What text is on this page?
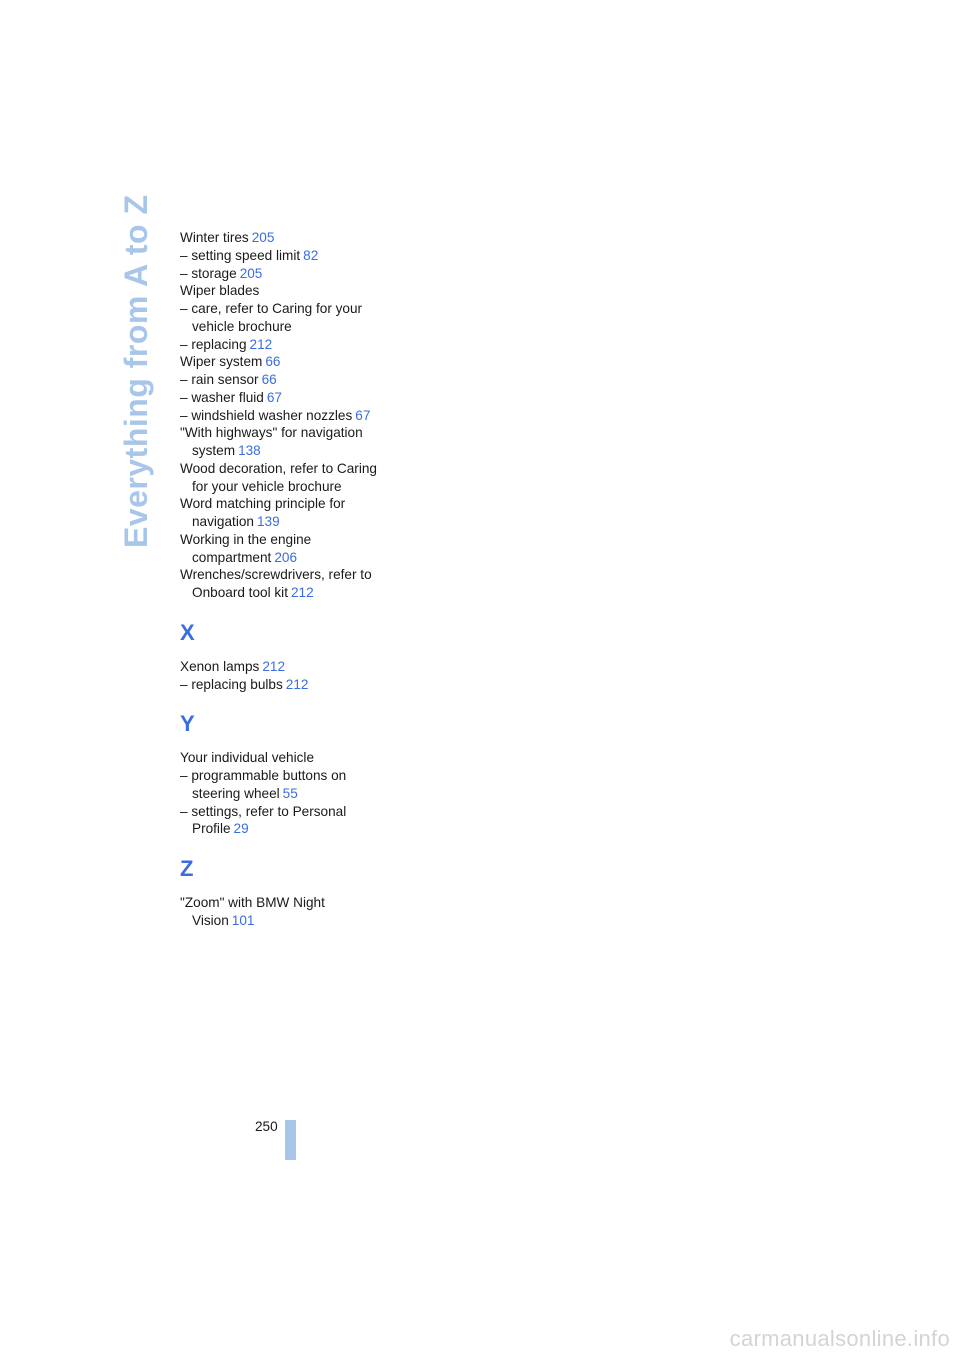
Everything from A to Z Winter tires 205
– setting speed limit 82
– storage 205
Wiper blades
– care, refer to Caring for your vehicle brochure
– replacing 212
Wiper system 66
– rain sensor 66
– washer fluid 67
– windshield washer nozzles 67
"With highways" for navigation system 138
Wood decoration, refer to Caring for your vehicle brochure
Word matching principle for navigation 139
Working in the engine compartment 206
Wrenches/screwdrivers, refer to Onboard tool kit 212
X
Xenon lamps 212
– replacing bulbs 212
Y
Your individual vehicle
– programmable buttons on steering wheel 55
– settings, refer to Personal Profile 29
Z
"Zoom" with BMW Night Vision 101
250
carmanualsonline.info
